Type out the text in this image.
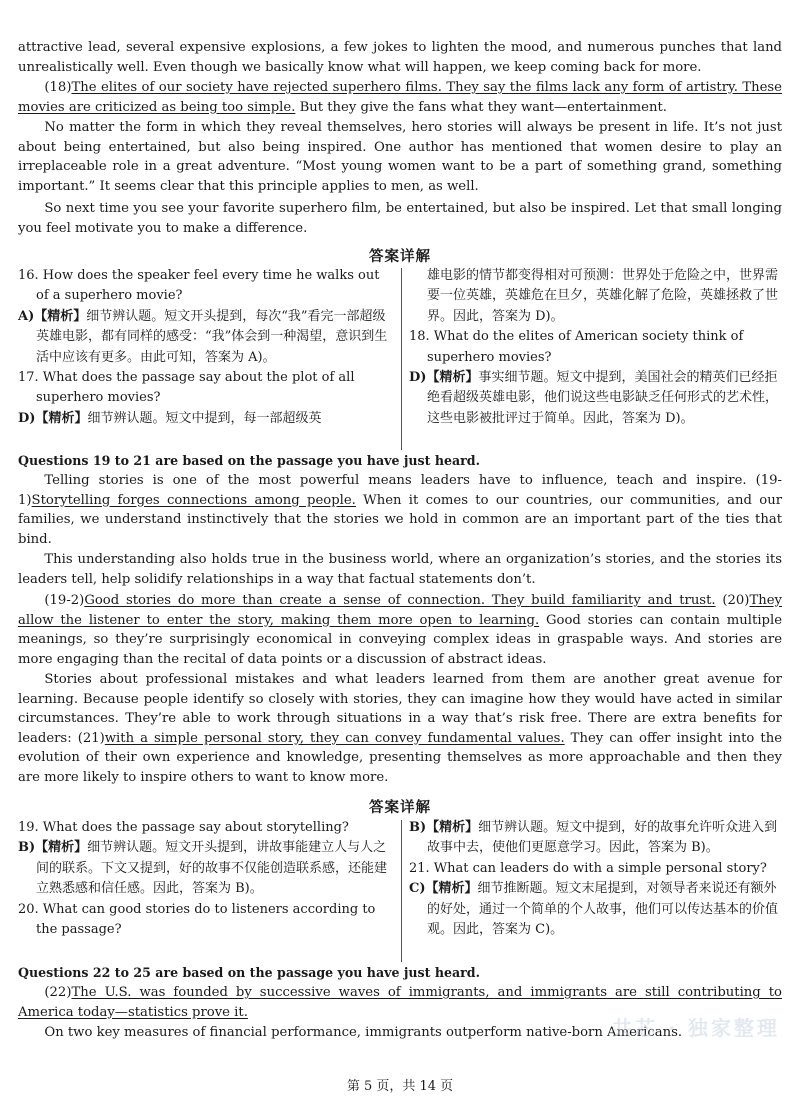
attractive lead, several expensive explosions, a few jokes to lighten the mood, and numerous punches that land unrealistically well. Even though we basically know what will happen, we keep coming back for more.

(18)The elites of our society have rejected superhero films. They say the films lack any form of artistry. These movies are criticized as being too simple. But they give the fans what they want—entertainment.

No matter the form in which they reveal themselves, hero stories will always be present in life. It’s not just about being entertained, but also being inspired. One author has mentioned that women desire to play an irreplaceable role in a great adventure. “Most young women want to be a part of something grand, something important.” It seems clear that this principle applies to men, as well.

So next time you see your favorite superhero film, be entertained, but also be inspired. Let that small longing you feel motivate you to make a difference.

答案详解

16. How does the speaker feel every time he walks out of a superhero movie?

A)【精析】细节辨认题。短文开头提到，每次“我”看完一部超级英雄电影，都有同样的感受：“我”体会到一种渴望，意识到生活中应该有更多。由此可知，答案为 A)。

17. What does the passage say about the plot of all superhero movies?

D)【精析】细节辨认题。短文中提到，每一部超级英

雄电影的情节都变得相对可预测：世界处于危险之中，世界需要一位英雄，英雄危在旦夕，英雄化解了危险，英雄拯救了世界。因此，答案为 D)。

18. What do the elites of American society think of superhero movies?

D)【精析】事实细节题。短文中提到，美国社会的精英们已经拒绝看超级英雄电影，他们说这些电影缺乏任何形式的艺术性，这些电影被批评过于简单。因此，答案为 D)。

Questions 19 to 21 are based on the passage you have just heard.

Telling stories is one of the most powerful means leaders have to influence, teach and inspire. (19-1)Storytelling forges connections among people. When it comes to our countries, our communities, and our families, we understand instinctively that the stories we hold in common are an important part of the ties that bind.

This understanding also holds true in the business world, where an organization’s stories, and the stories its leaders tell, help solidify relationships in a way that factual statements don’t.

(19-2)Good stories do more than create a sense of connection. They build familiarity and trust. (20)They allow the listener to enter the story, making them more open to learning. Good stories can contain multiple meanings, so they’re surprisingly economical in conveying complex ideas in graspable ways. And stories are more engaging than the recital of data points or a discussion of abstract ideas.

Stories about professional mistakes and what leaders learned from them are another great avenue for learning. Because people identify so closely with stories, they can imagine how they would have acted in similar circumstances. They’re able to work through situations in a way that’s risk free. There are extra benefits for leaders: (21)with a simple personal story, they can convey fundamental values. They can offer insight into the evolution of their own experience and knowledge, presenting themselves as more approachable and then they are more likely to inspire others to want to know more.

答案详解

19. What does the passage say about storytelling?

B)【精析】细节辨认题。短文开头提到，讲故事能建立人与人之间的联系。下文又提到，好的故事不仅能创造联系感，还能建立熟悉感和信任感。因此，答案为 B)。

20. What can good stories do to listeners according to the passage?

B)【精析】细节辨认题。短文中提到，好的故事允许听众进入到故事中去，使他们更愿意学习。因此，答案为 B)。

21. What can leaders do with a simple personal story?

C)【精析】细节推断题。短文末尾提到，对领导者来说还有额外的好处，通过一个简单的个人故事，他们可以传达基本的价值观。因此，答案为 C)。

Questions 22 to 25 are based on the passage you have just heard.

(22)The U.S. was founded by successive waves of immigrants, and immigrants are still contributing to America today—statistics prove it.

On two key measures of financial performance, immigrants outperform native-born Americans.

共芯 · 独家整理
第 5 页，共 14 页
